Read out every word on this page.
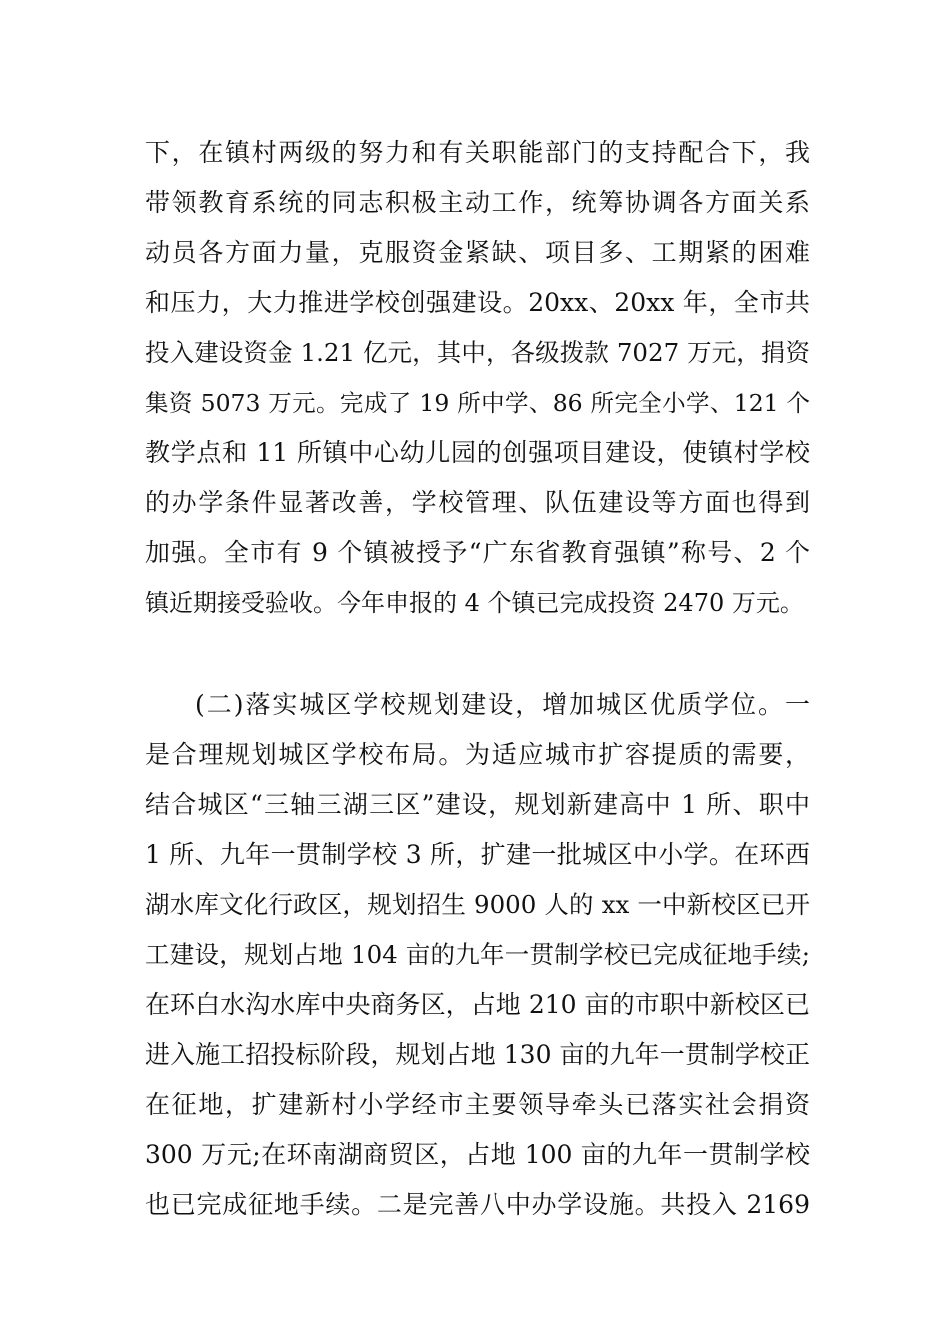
下，在镇村两级的努力和有关职能部门的支持配合下，我
带领教育系统的同志积极主动工作，统筹协调各方面关系
动员各方面力量，克服资金紧缺、项目多、工期紧的困难
和压力，大力推进学校创强建设。20xx、20xx 年，全市共
投入建设资金 1.21 亿元，其中，各级拨款 7027 万元，捐资
集资 5073 万元。完成了 19 所中学、86 所完全小学、121 个
教学点和 11 所镇中心幼儿园的创强项目建设，使镇村学校
的办学条件显著改善，学校管理、队伍建设等方面也得到
加强。全市有 9 个镇被授予“广东省教育强镇”称号、2 个
镇近期接受验收。今年申报的 4 个镇已完成投资 2470 万元。
(二)落实城区学校规划建设，增加城区优质学位。一
是合理规划城区学校布局。为适应城市扩容提质的需要，
结合城区“三轴三湖三区”建设，规划新建高中 1 所、职中
1 所、九年一贯制学校 3 所，扩建一批城区中小学。在环西
湖水库文化行政区，规划招生 9000 人的 xx 一中新校区已开
工建设，规划占地 104 亩的九年一贯制学校已完成征地手续;
在环白水沟水库中央商务区，占地 210 亩的市职中新校区已
进入施工招投标阶段，规划占地 130 亩的九年一贯制学校正
在征地，扩建新村小学经市主要领导牵头已落实社会捐资
300 万元;在环南湖商贸区，占地 100 亩的九年一贯制学校
也已完成征地手续。二是完善八中办学设施。共投入 2169
